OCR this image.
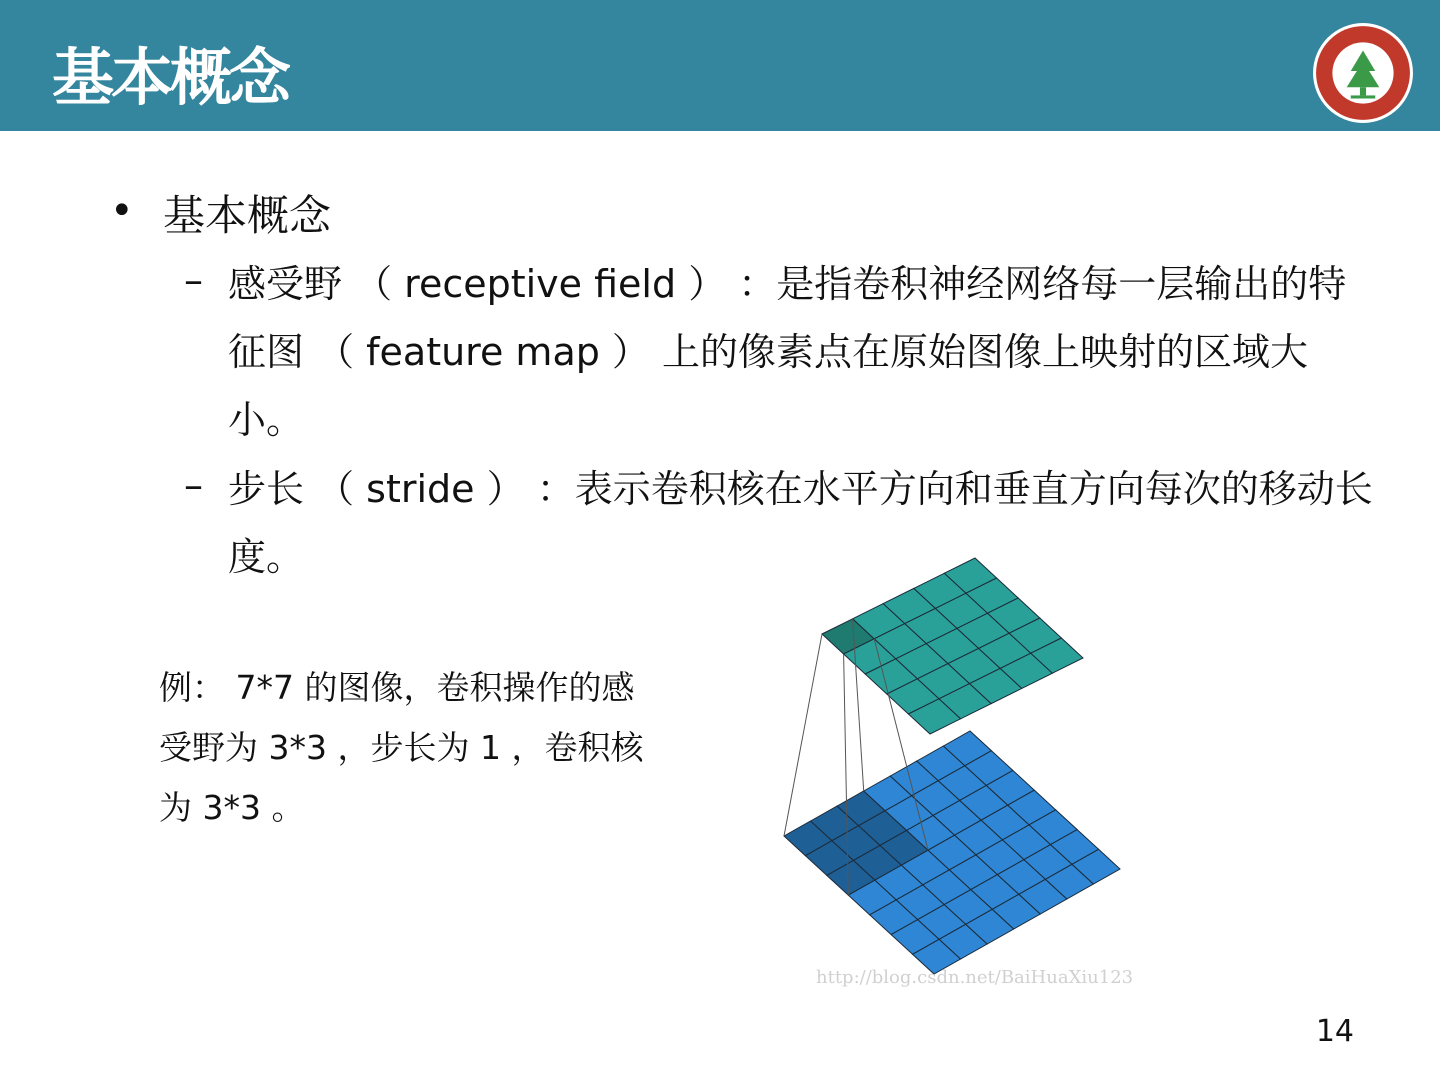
基本概念
• 基本概念
– 感受野 （ receptive field ） ：是指卷积神经网络每一层输出的特征图 （ feature map ） 上的像素点在原始图像上映射的区域大小。
– 步长 （ stride ） ：表示卷积核在水平方向和垂直方向每次的移动长度。
例： 7*7 的图像，卷积操作的感受野为 3*3 ，步长为 1 ，卷积核为 3*3 。
http://blog.csdn.net/BaiHuaXiu123
14
